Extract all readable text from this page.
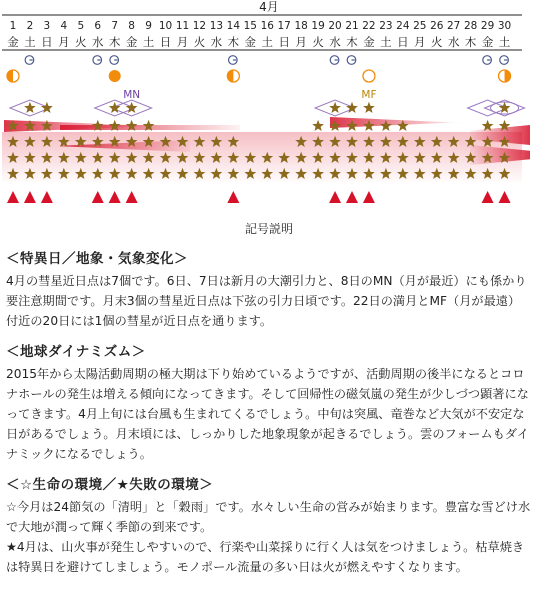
4月
1 2 3 4 5 6 7 8 9 10 11 12 13 14 15 16 17 18 19 20 21 22 23 24 25 26 27 28 29 30
金 土 日 月 火 水 木 金 土 日 月 火 水 木 金 土 日 月 火 水 木 金 土 日 月 火 水 木 金 土
MN	MF
記号説明
＜特異日／地象・気象変化＞

4月の彗星近日点は7個です。6日、7日は新月の大潮引力と、8日のMN（月が最近）にも係かり要注意期間です。月末3個の彗星近日点は下弦の引力日頃です。22日の満月とMF（月が最遠）付近の20日には1個の彗星が近日点を通ります。

＜地球ダイナミズム＞

2015年から太陽活動周期の極大期は下り始めているようですが、活動周期の後半になるとコロナホールの発生は増える傾向になってきます。そして回帰性の磁気嵐の発生が少しづつ顕著になってきます。4月上旬には台風も生まれてくるでしょう。中旬は突風、竜巻など大気が不安定な日があるでしょう。月末頃には、しっかりした地象現象が起きるでしょう。雲のフォームもダイナミックになるでしょう。

＜☆生命の環境／★失敗の環境＞

☆今月は24節気の「清明」と「穀雨」です。水々しい生命の営みが始まります。豊富な雪どけ水で大地が潤って輝く季節の到来です。

★4月は、山火事が発生しやすいので、行楽や山菜採りに行く人は気をつけましょう。枯草焼きは特異日を避けてしましょう。モノポール流量の多い日は火が燃えやすくなります。
